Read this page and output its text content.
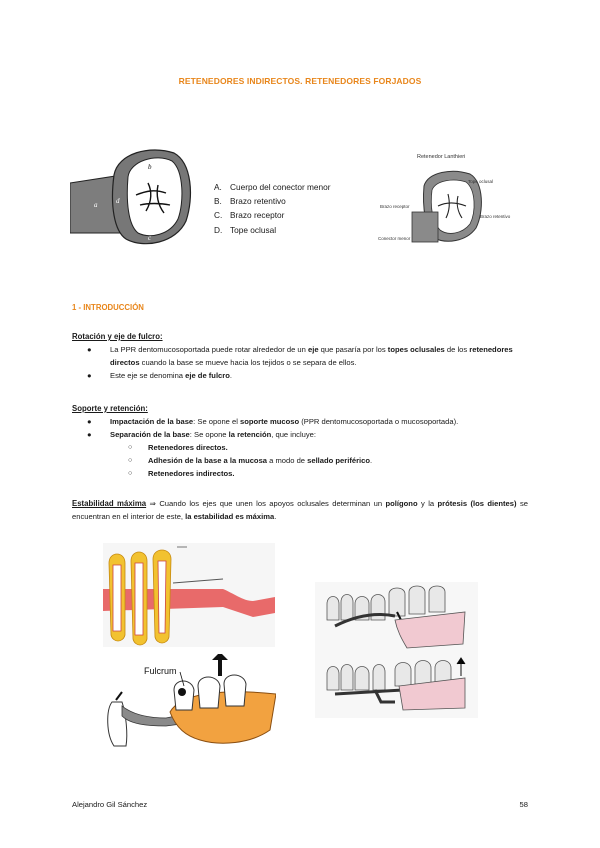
RETENEDORES INDIRECTOS. RETENEDORES FORJADOS
a
b
c
d
A. Cuerpo del conector menor
B. Brazo retentivo
C. Brazo receptor
D. Tope oclusal
Retenedor Lanthieri
Tope oclusal
Brazo retentivo
Brazo receptor
Conector menor
1 - INTRODUCCIÓN
Rotación y eje de fulcro:
● La PPR dentomucosoportada puede rotar alrededor de un eje que pasaría por los topes oclusales de los retenedores directos cuando la base se mueve hacia los tejidos o se separa de ellos.
● Este eje se denomina eje de fulcro.
Soporte y retención:
● Impactación de la base: Se opone el soporte mucoso (PPR dentomucosoportada o mucosoportada).
● Separación de la base: Se opone la retención, que incluye:
○ Retenedores directos.
○ Adhesión de la base a la mucosa a modo de sellado periférico.
○ Retenedores indirectos.
Estabilidad máxima ⇒ Cuando los ejes que unen los apoyos oclusales determinan un polígono y la prótesis (los dientes) se encuentran en el interior de este, la estabilidad es máxima.
Fulcrum
Alejandro Gil Sánchez	58
